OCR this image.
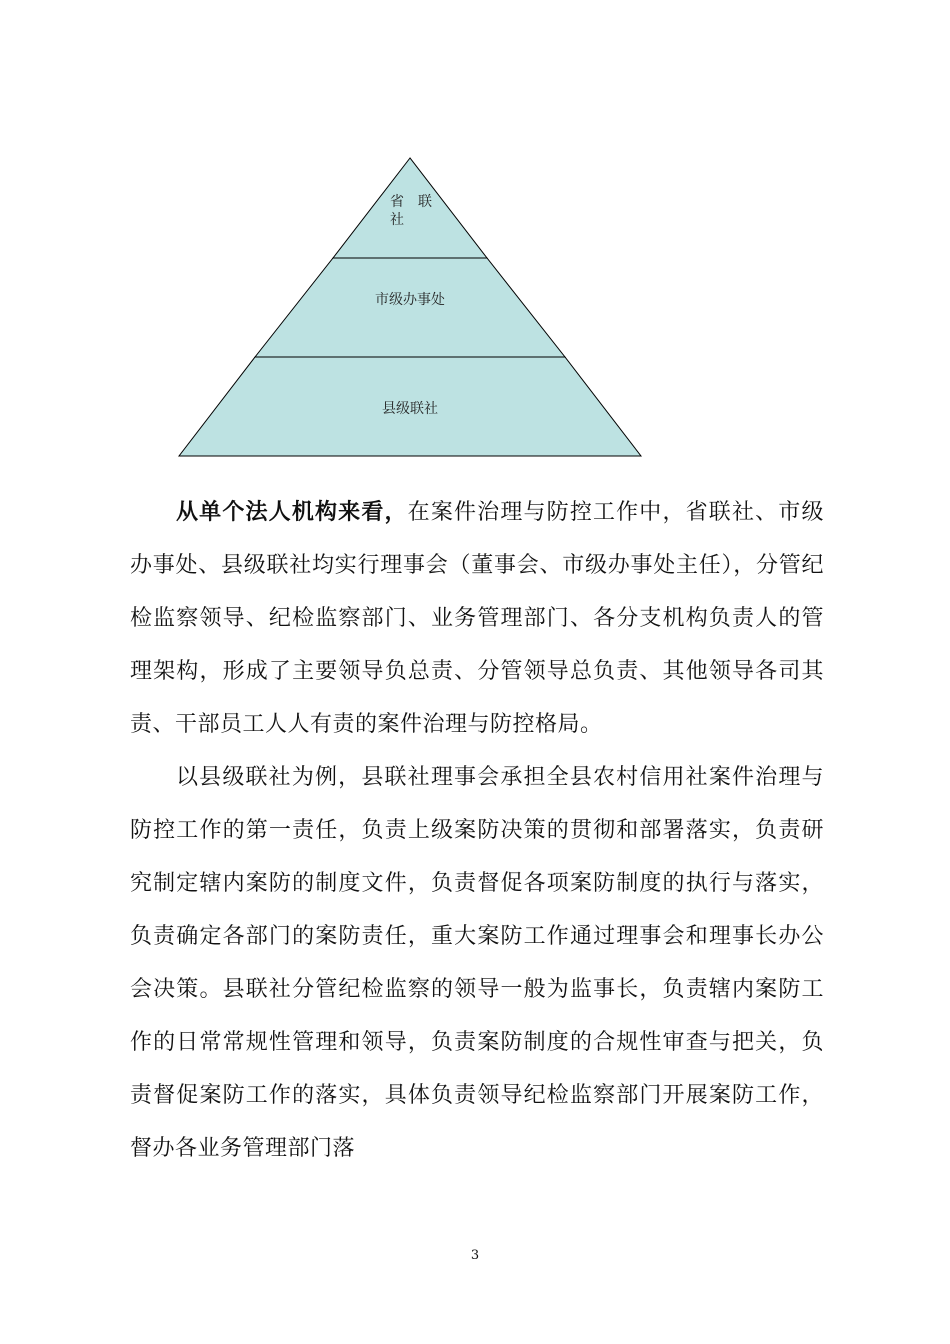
省　联
社
市级办事处
县级联社

从单个法人机构来看，在案件治理与防控工作中，省联社、市级办事处、县级联社均实行理事会（董事会、市级办事处主任），分管纪检监察领导、纪检监察部门、业务管理部门、各分支机构负责人的管理架构，形成了主要领导负总责、分管领导总负责、其他领导各司其责、干部员工人人有责的案件治理与防控格局。

以县级联社为例，县联社理事会承担全县农村信用社案件治理与防控工作的第一责任，负责上级案防决策的贯彻和部署落实，负责研究制定辖内案防的制度文件，负责督促各项案防制度的执行与落实，负责确定各部门的案防责任，重大案防工作通过理事会和理事长办公会决策。县联社分管纪检监察的领导一般为监事长，负责辖内案防工作的日常常规性管理和领导，负责案防制度的合规性审查与把关，负责督促案防工作的落实，具体负责领导纪检监察部门开展案防工作，督办各业务管理部门落

3
